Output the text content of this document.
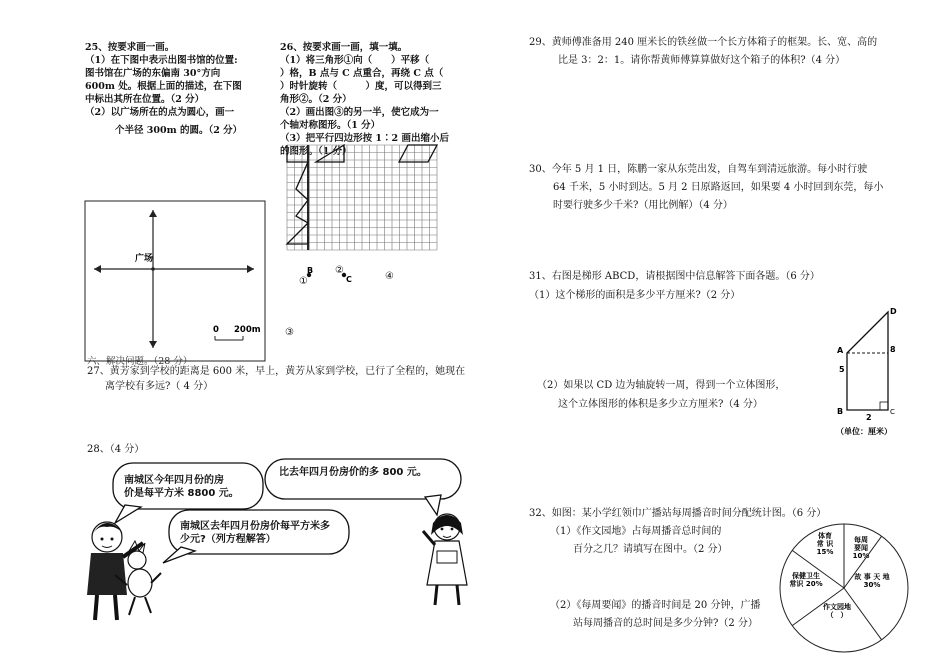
25、按要求画一画。
（1）在下图中表示出图书馆的位置:
图书馆在广场的东偏南 30°方向
600m 处。根据上面的描述，在下图
中标出其所在位置。（2 分）
（2）以广场所在的点为圆心，画一
个半径 300m 的圆。（2 分）
广场
0 200m
26、按要求画一画，填一填。
（1）将三角形①向（　　）平移（
）格，B 点与 C 点重合，再绕 C 点（
）时针旋转（　　　）度，可以得到三
角形②。（2 分）
（2）画出图③的另一半，使它成为一
个轴对称图形。（1 分）
（3）把平行四边形按 1∶2 画出缩小后
的图形。（1 分）
B
C
①
②
④
③
六、解决问题。（28 分）
27、黄芳家到学校的距离是 600 米，早上，黄芳从家到学校，已行了全程的，她现在
离学校有多远?（ 4 分）
28、（4 分）
南城区今年四月份的房
价是每平方米 8800 元。
比去年四月份房价的多 800 元。
南城区去年四月份房价每平方米多
少元?（列方程解答）
29、黄师傅准备用 240 厘米长的铁丝做一个长方体箱子的框架。长、宽、高的
比是 3：2：1。请你帮黄师傅算算做好这个箱子的体积?（4 分）
30、今年 5 月 1 日，陈鹏一家从东莞出发，自驾车到清远旅游。每小时行驶
64 千米，5 小时到达。5 月 2 日原路返回，如果要 4 小时回到东莞，每小
时要行驶多少千米?（用比例解）（4 分）
31、右图是梯形 ABCD，请根据图中信息解答下面各题。（6 分）
（1）这个梯形的面积是多少平方厘米?（2 分）
（2）如果以 CD 边为轴旋转一周，得到一个立体图形，
这个立体图形的体积是多少立方厘米?（4 分）
D
A
B	C
8
5
2
（单位：厘米）
32、如图：某小学红领巾广播站每周播音时间分配统计图。（6 分）
（1）《作文园地》占每周播音总时间的
百分之几？请填写在图中。（2 分）
（2）《每周要闻》的播音时间是 20 分钟，广播
站每周播音的总时间是多少分钟?（2 分）
每周
要闻
10%
故 事 天 地
30%
作文园地
（　）
保健卫生
常识 20%
体育
常 识
15%
